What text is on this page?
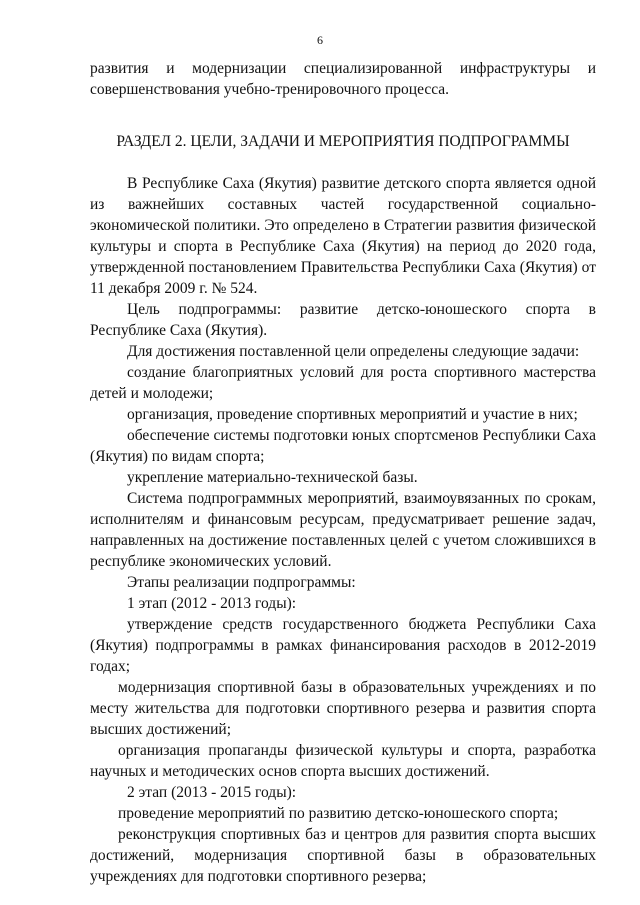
6

развития и модернизации специализированной инфраструктуры и совершенствования учебно-тренировочного процесса.

РАЗДЕЛ 2. ЦЕЛИ, ЗАДАЧИ И МЕРОПРИЯТИЯ ПОДПРОГРАММЫ

В Республике Саха (Якутия) развитие детского спорта является одной из важнейших составных частей государственной социально-экономической политики. Это определено в Стратегии развития физической культуры и спорта в Республике Саха (Якутия) на период до 2020 года, утвержденной постановлением Правительства Республики Саха (Якутия) от 11 декабря 2009 г. № 524.

Цель подпрограммы: развитие детско-юношеского спорта в Республике Саха (Якутия).

Для достижения поставленной цели определены следующие задачи:

создание благоприятных условий для роста спортивного мастерства детей и молодежи;

организация, проведение спортивных мероприятий и участие в них;

обеспечение системы подготовки юных спортсменов Республики Саха (Якутия) по видам спорта;

укрепление материально-технической базы.

Система подпрограммных мероприятий, взаимоувязанных по срокам, исполнителям и финансовым ресурсам, предусматривает решение задач, направленных на достижение поставленных целей с учетом сложившихся в республике экономических условий.

Этапы реализации подпрограммы:

1 этап (2012 - 2013 годы):

утверждение средств государственного бюджета Республики Саха (Якутия) подпрограммы в рамках финансирования расходов в 2012-2019 годах;

модернизация спортивной базы в образовательных учреждениях и по месту жительства для подготовки спортивного резерва и развития спорта высших достижений;

организация пропаганды физической культуры и спорта, разработка научных и методических основ спорта высших достижений.

2 этап (2013 - 2015 годы):

проведение мероприятий по развитию детско-юношеского спорта;

реконструкция спортивных баз и центров для развития спорта высших достижений, модернизация спортивной базы в образовательных учреждениях для подготовки спортивного резерва;
